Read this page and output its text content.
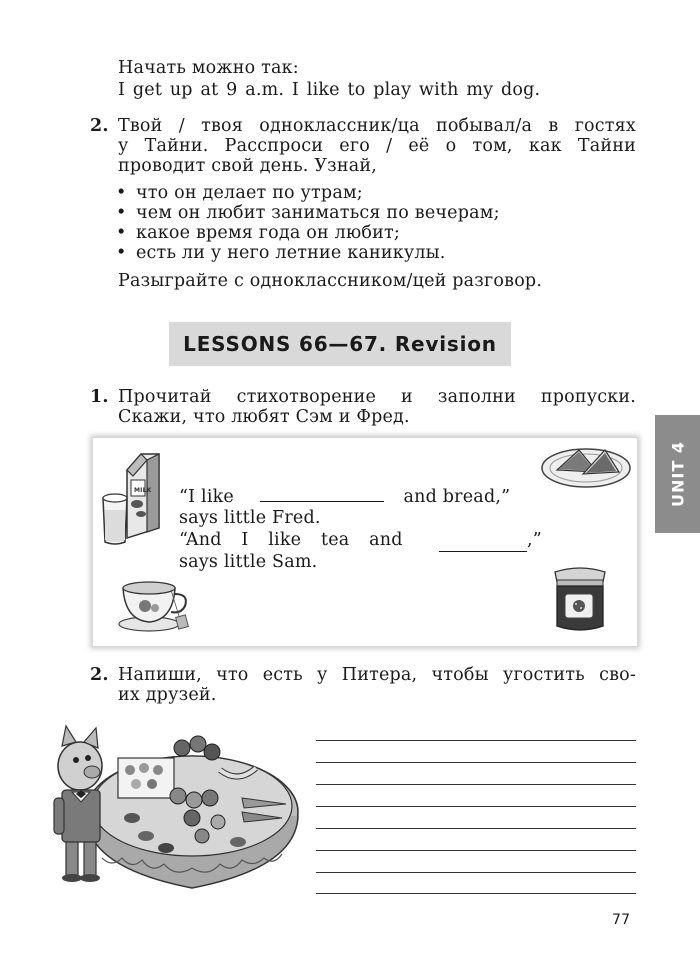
Начать можно так:
I get up at 9 a.m. I like to play with my dog.
2. Твой / твоя одноклассник/ца побывал/а в гостях
у Тайни. Расспроси его / её о том, как Тайни
проводит свой день. Узнай,
• что он делает по утрам;
• чем он любит заниматься по вечерам;
• какое время года он любит;
• есть ли у него летние каникулы.
Разыграйте с одноклассником/цей разговор.
LESSONS 66—67. Revision
UNIT 4
1. Прочитай стихотворение и заполни пропуски.
Скажи, что любят Сэм и Фред.
MILK “I like	and bread,”
says little Fred.
“And I like tea and	,”
says little Sam.
2. Напиши, что есть у Питера, чтобы угостить сво-
их друзей.
77
